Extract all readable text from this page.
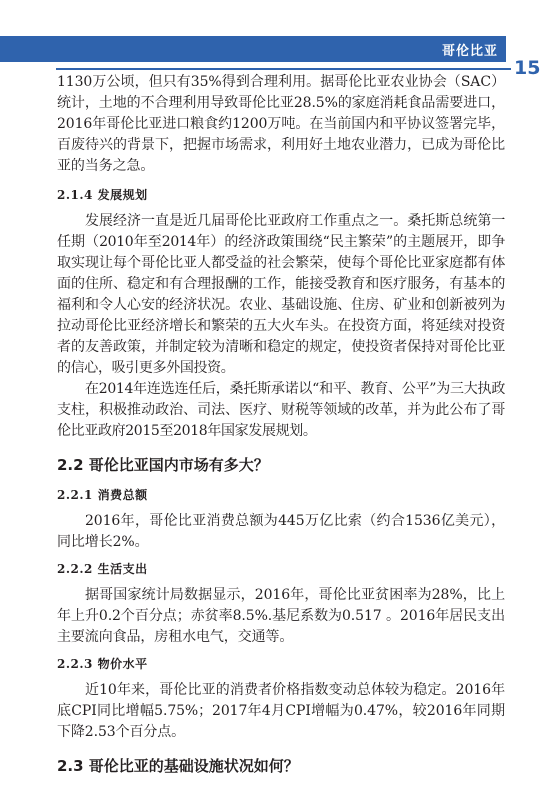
哥伦比亚
15

1130万公顷，但只有35%得到合理利用。据哥伦比亚农业协会（SAC）统计，土地的不合理利用导致哥伦比亚28.5%的家庭消耗食品需要进口，2016年哥伦比亚进口粮食约1200万吨。在当前国内和平协议签署完毕，百废待兴的背景下，把握市场需求，利用好土地农业潜力，已成为哥伦比亚的当务之急。

2.1.4 发展规划

发展经济一直是近几届哥伦比亚政府工作重点之一。桑托斯总统第一任期（2010年至2014年）的经济政策围绕“民主繁荣”的主题展开，即争取实现让每个哥伦比亚人都受益的社会繁荣，使每个哥伦比亚家庭都有体面的住所、稳定和有合理报酬的工作，能接受教育和医疗服务，有基本的福利和令人心安的经济状况。农业、基础设施、住房、矿业和创新被列为拉动哥伦比亚经济增长和繁荣的五大火车头。在投资方面，将延续对投资者的友善政策，并制定较为清晰和稳定的规定，使投资者保持对哥伦比亚的信心，吸引更多外国投资。

在2014年连选连任后，桑托斯承诺以“和平、教育、公平”为三大执政支柱，积极推动政治、司法、医疗、财税等领域的改革，并为此公布了哥伦比亚政府2015至2018年国家发展规划。

2.2 哥伦比亚国内市场有多大？
2.2.1 消费总额

2016年，哥伦比亚消费总额为445万亿比索（约合1536亿美元），同比增长2%。

2.2.2 生活支出

据哥国家统计局数据显示，2016年，哥伦比亚贫困率为28%，比上年上升0.2个百分点；赤贫率8.5%.基尼系数为0.517 。2016年居民支出主要流向食品，房租水电气，交通等。

2.2.3 物价水平

近10年来，哥伦比亚的消费者价格指数变动总体较为稳定。2016年底CPI同比增幅5.75%；2017年4月CPI增幅为0.47%，较2016年同期下降2.53个百分点。

2.3 哥伦比亚的基础设施状况如何？
